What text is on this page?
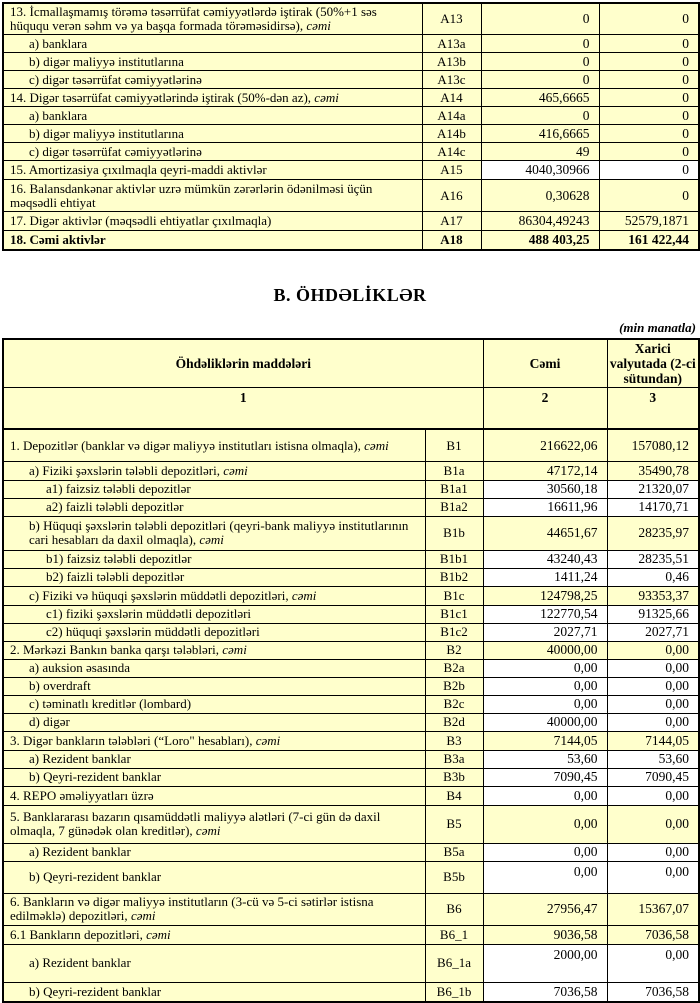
13. İcmallaşmamış törəmə təsərrüfat cəmiyyətlərdə iştirak (50%+1 səs hüququ verən səhm və ya başqa formada törəməsidirsə), cəmi	A13	0	0
a) banklara	A13a	0	0
b) digər maliyyə institutlarına	A13b	0	0
c) digər təsərrüfat cəmiyyətlərinə	A13c	0	0
14. Digər təsərrüfat cəmiyyətlərində iştirak (50%-dən az), cəmi	A14	465,6665	0
a) banklara	A14a	0	0
b) digər maliyyə institutlarına	A14b	416,6665	0
c) digər təsərrüfat cəmiyyətlərinə	A14c	49	0
15. Amortizasiya çıxılmaqla qeyri-maddi aktivlər	A15	4040,30966	0
16. Balansdankənar aktivlər uzrə mümkün zərərlərin ödənilməsi üçün məqsədli ehtiyat	A16	0,30628	0
17. Digər aktivlər (məqsədli ehtiyatlar çıxılmaqla)	A17	86304,49243	52579,1871
18. Cəmi aktivlər	A18	488 403,25	161 422,44
B. ÖHDƏLİKLƏR
(min manatla)
Öhdəliklərin maddələri		Cəmi	Xarici valyutada (2-ci sütundan)
1		2	3
1. Depozitlər (banklar və digər maliyyə institutları istisna olmaqla), cəmi	B1	216622,06	157080,12
a) Fiziki şəxslərin tələbli depozitləri, cəmi	B1a	47172,14	35490,78
a1) faizsiz tələbli depozitlər	B1a1	30560,18	21320,07
a2) faizli tələbli depozitlər	B1a2	16611,96	14170,71
b) Hüquqi şəxslərin tələbli depozitləri (qeyri-bank maliyyə institutlarının cari hesabları da daxil olmaqla), cəmi	B1b	44651,67	28235,97
b1) faizsiz tələbli depozitlər	B1b1	43240,43	28235,51
b2) faizli tələbli depozitlər	B1b2	1411,24	0,46
c) Fiziki və hüquqi şəxslərin müddətli depozitləri, cəmi	B1c	124798,25	93353,37
c1) fiziki şəxslərin müddətli depozitləri	B1c1	122770,54	91325,66
c2) hüquqi şəxslərin müddətli depozitləri	B1c2	2027,71	2027,71
2. Mərkəzi Bankın banka qarşı tələbləri, cəmi	B2	40000,00	0,00
a) auksion əsasında	B2a	0,00	0,00
b) overdraft	B2b	0,00	0,00
c) təminatlı kreditlər (lombard)	B2c	0,00	0,00
d) digər	B2d	40000,00	0,00
3. Digər bankların tələbləri (“Loro" hesabları), cəmi	B3	7144,05	7144,05
a) Rezident banklar	B3a	53,60	53,60
b) Qeyri-rezident banklar	B3b	7090,45	7090,45
4. REPO əməliyyatları üzrə	B4	0,00	0,00
5. Banklararası bazarın qısamüddətli maliyyə alətləri (7-ci gün də daxil olmaqla, 7 günədək olan kreditlər), cəmi	B5	0,00	0,00
a) Rezident banklar	B5a	0,00	0,00
b) Qeyri-rezident banklar	B5b	0,00	0,00
6. Bankların və digər maliyyə institutların (3-cü və 5-ci sətirlər istisna edilməklə) depozitləri, cəmi	B6	27956,47	15367,07
6.1 Bankların depozitləri, cəmi	B6_1	9036,58	7036,58
a) Rezident banklar	B6_1a	2000,00	0,00
b) Qeyri-rezident banklar	B6_1b	7036,58	7036,58
